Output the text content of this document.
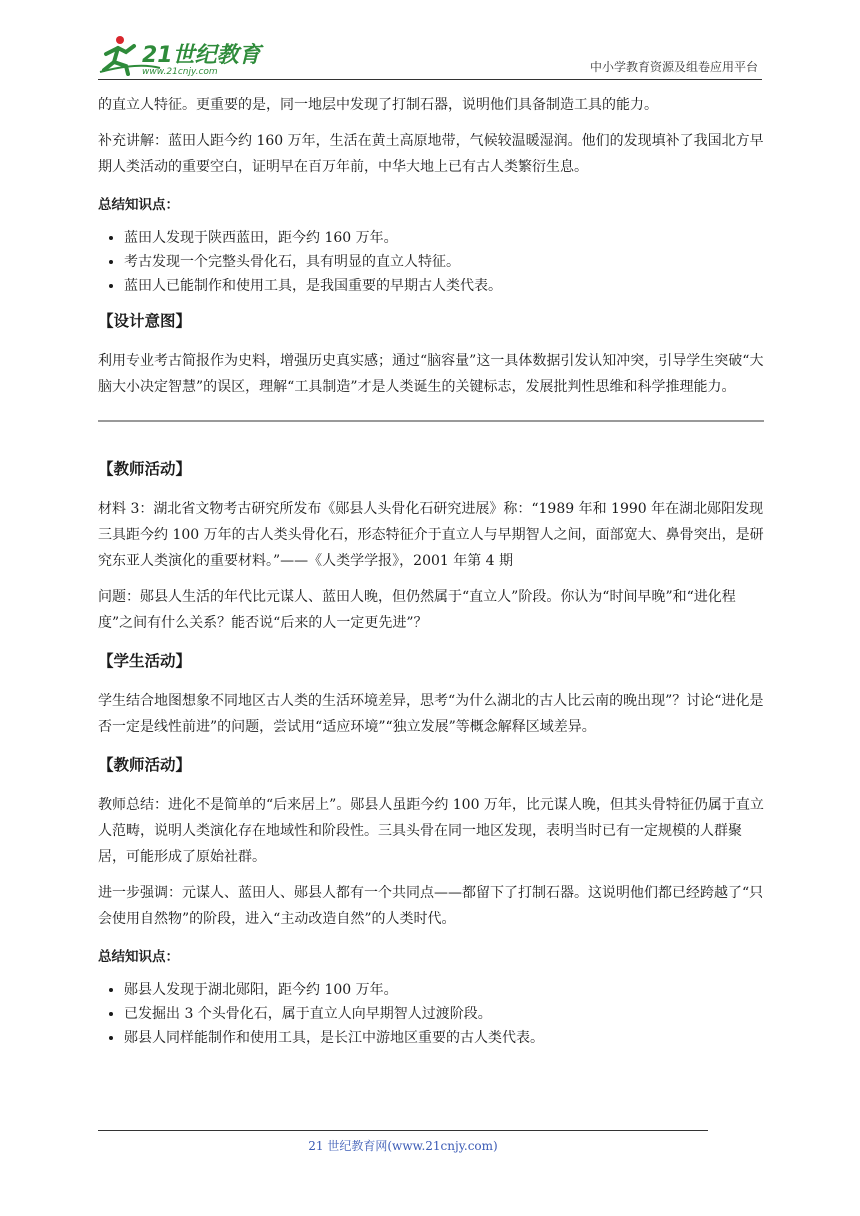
21世纪教育
www.21cnjy.com	中小学教育资源及组卷应用平台

的直立人特征。更重要的是，同一地层中发现了打制石器，说明他们具备制造工具的能力。

补充讲解：蓝田人距今约 160 万年，生活在黄土高原地带，气候较温暖湿润。他们的发现填补了我国北方早期人类活动的重要空白，证明早在百万年前，中华大地上已有古人类繁衍生息。

总结知识点：

• 蓝田人发现于陕西蓝田，距今约 160 万年。
• 考古发现一个完整头骨化石，具有明显的直立人特征。
• 蓝田人已能制作和使用工具，是我国重要的早期古人类代表。

【设计意图】

利用专业考古简报作为史料，增强历史真实感；通过“脑容量”这一具体数据引发认知冲突，引导学生突破“大脑大小决定智慧”的误区，理解“工具制造”才是人类诞生的关键标志，发展批判性思维和科学推理能力。

【教师活动】

材料 3：湖北省文物考古研究所发布《郧县人头骨化石研究进展》称：“1989 年和 1990 年在湖北郧阳发现三具距今约 100 万年的古人类头骨化石，形态特征介于直立人与早期智人之间，面部宽大、鼻骨突出，是研究东亚人类演化的重要材料。”——《人类学学报》，2001 年第 4 期

问题：郧县人生活的年代比元谋人、蓝田人晚，但仍然属于“直立人”阶段。你认为“时间早晚”和“进化程度”之间有什么关系？能否说“后来的人一定更先进”？

【学生活动】

学生结合地图想象不同地区古人类的生活环境差异，思考“为什么湖北的古人比云南的晚出现”？讨论“进化是否一定是线性前进”的问题，尝试用“适应环境”“独立发展”等概念解释区域差异。

【教师活动】

教师总结：进化不是简单的“后来居上”。郧县人虽距今约 100 万年，比元谋人晚，但其头骨特征仍属于直立人范畴，说明人类演化存在地域性和阶段性。三具头骨在同一地区发现，表明当时已有一定规模的人群聚居，可能形成了原始社群。

进一步强调：元谋人、蓝田人、郧县人都有一个共同点——都留下了打制石器。这说明他们都已经跨越了“只会使用自然物”的阶段，进入“主动改造自然”的人类时代。

总结知识点：

• 郧县人发现于湖北郧阳，距今约 100 万年。
• 已发掘出 3 个头骨化石，属于直立人向早期智人过渡阶段。
• 郧县人同样能制作和使用工具，是长江中游地区重要的古人类代表。
21 世纪教育网(www.21cnjy.com)
